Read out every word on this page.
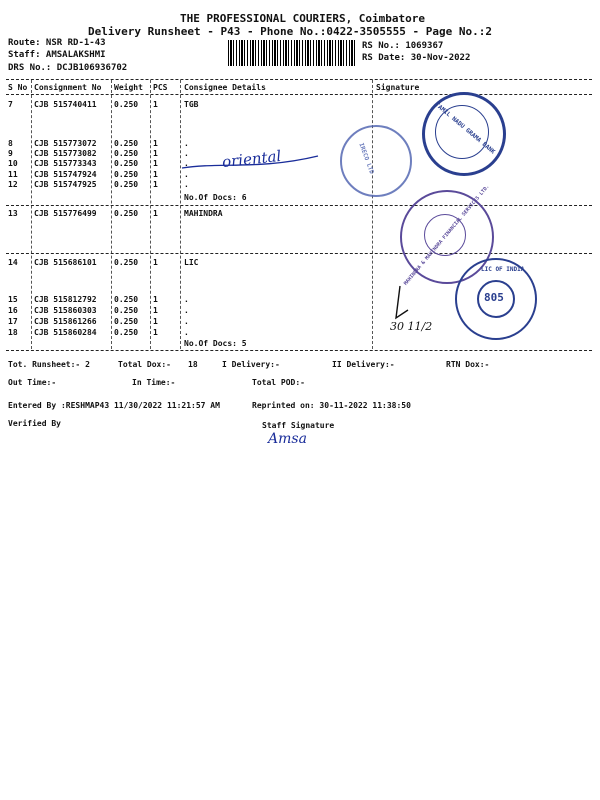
THE PROFESSIONAL COURIERS, Coimbatore
Delivery Runsheet - P43 - Phone No.:0422-3505555 - Page No.:2
Route: NSR RD-1-43
Staff: AMSALAKSHMI
DRS No.: DCJB106936702
RS No.: 1069367
RS Date: 30-Nov-2022
S No Consignment No Weight PCS Consignee Details	Signature
7	CJB 515740411 0.250 1	TGB
8	CJB 515773072 0.250 1	.
9	CJB 515773082 0.250 1	.
10 CJB 515773343 0.250 1	.
11 CJB 515747924 0.250 1	.
12 CJB 515747925 0.250 1	.
No.Of Docs: 6
13 CJB 515776499 0.250 1	MAHINDRA
14 CJB 515686101 0.250 1	LIC
15 CJB 515812792 0.250 1	.
16 CJB 515860303 0.250 1	.
17 CJB 515861266 0.250 1	.
18 CJB 515860284 0.250 1	.
No.Of Docs: 5
Tot. Runsheet:- 2	Total Dox:- 18	I Delivery:-	II Delivery:-	RTN Dox:-
Out Time:-	In Time:-	Total POD:-
Entered By :RESHMAP43 11/30/2022 11:21:57 AM	Reprinted on: 30-11-2022 11:38:50
Verified By	Staff Signature
oriental
30 11/2
Amsa
TAMIL NADU GRAMA BANK
IRECO LTD
MAHINDRA & MAHINDRA FINANCIAL SERVICES LTD.
LIC OF INDIA
805
